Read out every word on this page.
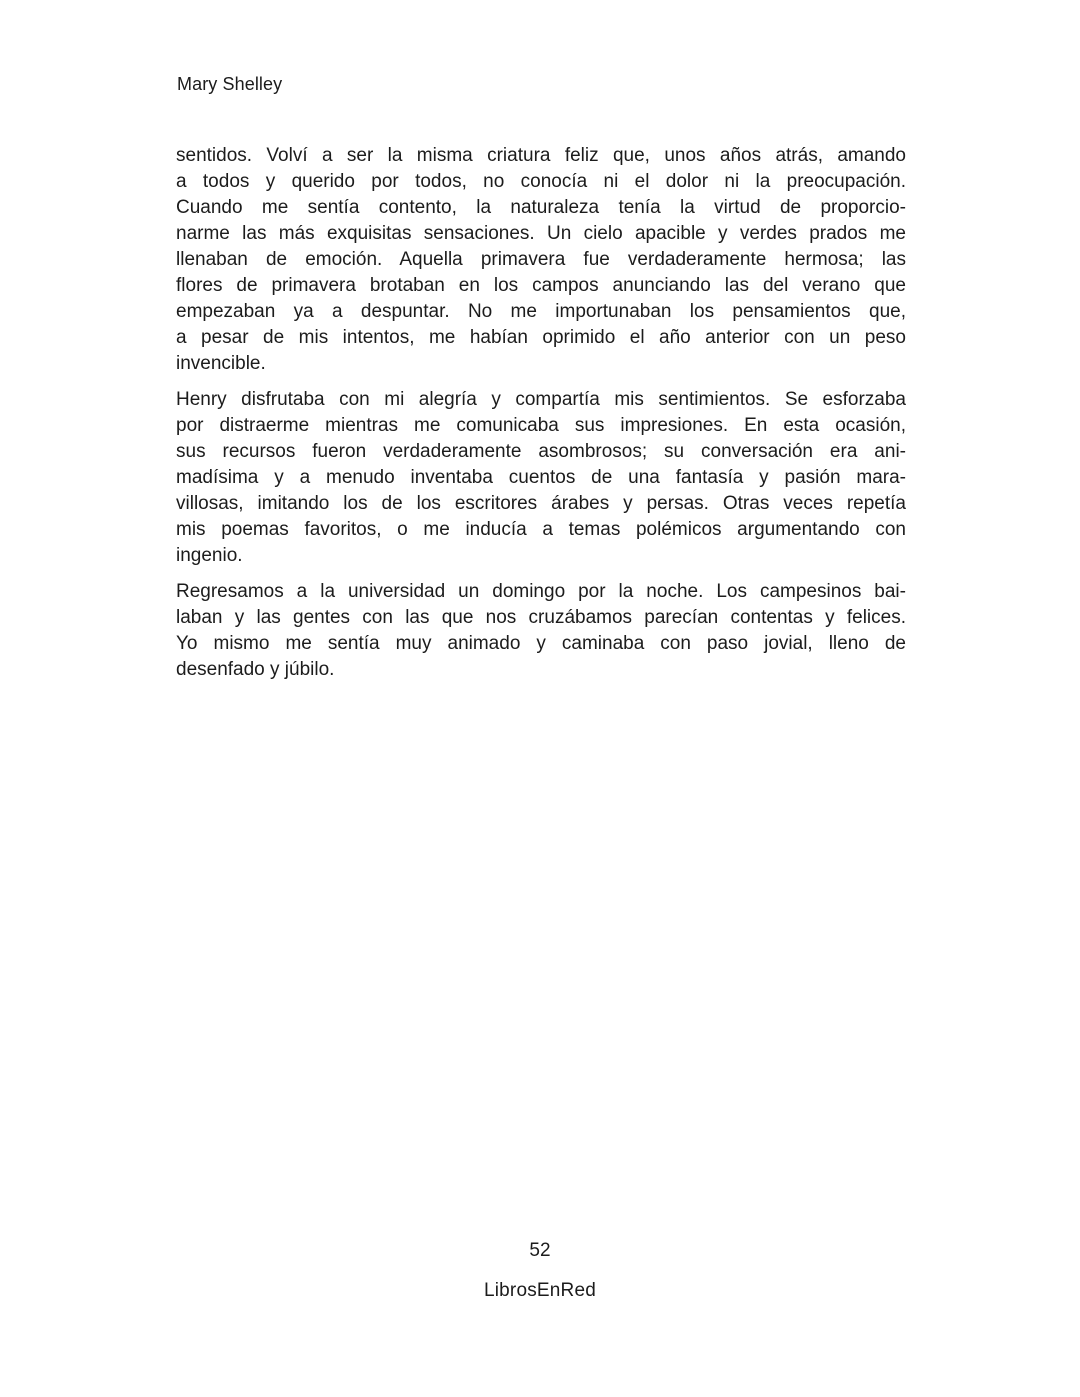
Mary Shelley
sentidos. Volví a ser la misma criatura feliz que, unos años atrás, amando
a todos y querido por todos, no conocía ni el dolor ni la preocupación.
Cuando me sentía contento, la naturaleza tenía la virtud de proporcio-
narme las más exquisitas sensaciones. Un cielo apacible y verdes prados me
llenaban de emoción. Aquella primavera fue verdaderamente hermosa; las
flores de primavera brotaban en los campos anunciando las del verano que
empezaban ya a despuntar. No me importunaban los pensamientos que,
a pesar de mis intentos, me habían oprimido el año anterior con un peso
invencible.
Henry disfrutaba con mi alegría y compartía mis sentimientos. Se esforzaba
por distraerme mientras me comunicaba sus impresiones. En esta ocasión,
sus recursos fueron verdaderamente asombrosos; su conversación era ani-
madísima y a menudo inventaba cuentos de una fantasía y pasión mara-
villosas, imitando los de los escritores árabes y persas. Otras veces repetía
mis poemas favoritos, o me inducía a temas polémicos argumentando con
ingenio.
Regresamos a la universidad un domingo por la noche. Los campesinos bai-
laban y las gentes con las que nos cruzábamos parecían contentas y felices.
Yo mismo me sentía muy animado y caminaba con paso jovial, lleno de
desenfado y júbilo.
52
LibrosEnRed
